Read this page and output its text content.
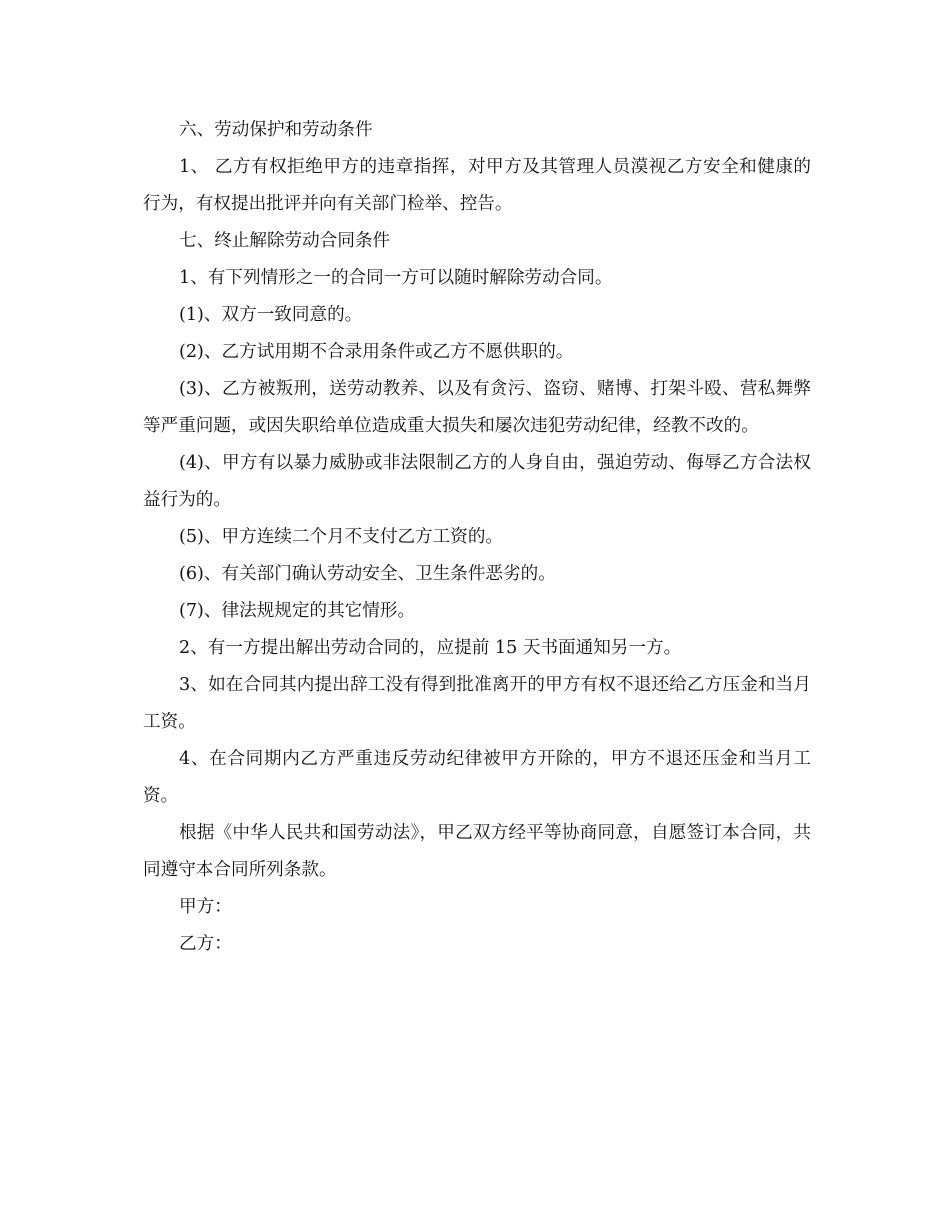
六、劳动保护和劳动条件

1、 乙方有权拒绝甲方的违章指挥，对甲方及其管理人员漠视乙方安全和健康的行为，有权提出批评并向有关部门检举、控告。

七、终止解除劳动合同条件

1、有下列情形之一的合同一方可以随时解除劳动合同。

(1)、双方一致同意的。

(2)、乙方试用期不合录用条件或乙方不愿供职的。

(3)、乙方被叛刑，送劳动教养、以及有贪污、盗窃、赌博、打架斗殴、营私舞弊等严重问题，或因失职给单位造成重大损失和屡次违犯劳动纪律，经教不改的。

(4)、甲方有以暴力威胁或非法限制乙方的人身自由，强迫劳动、侮辱乙方合法权益行为的。

(5)、甲方连续二个月不支付乙方工资的。

(6)、有关部门确认劳动安全、卫生条件恶劣的。

(7)、律法规规定的其它情形。

2、有一方提出解出劳动合同的，应提前 15 天书面通知另一方。

3、如在合同其内提出辞工没有得到批准离开的甲方有权不退还给乙方压金和当月工资。

4、在合同期内乙方严重违反劳动纪律被甲方开除的，甲方不退还压金和当月工资。

根据《中华人民共和国劳动法》，甲乙双方经平等协商同意，自愿签订本合同，共同遵守本合同所列条款。

甲方：

乙方：
